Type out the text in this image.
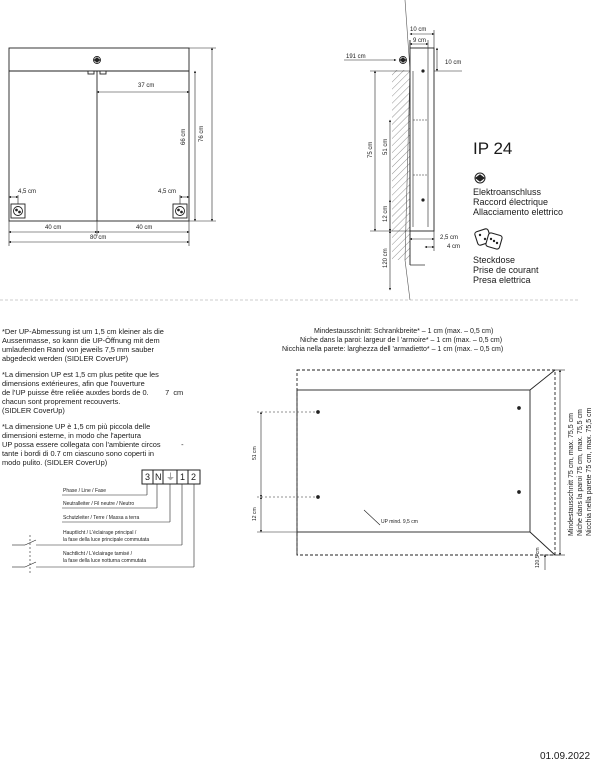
37 cm
66 cm 76 cm
4,5 cm	4,5 cm
40 cm	40 cm
80 cm
10 cm
9 cm
191 cm
10 cm
75 cm 51 cm
12 cm
120 cm
2,5 cm
4 cm
IP 24
Elektroanschluss
Raccord électrique
Allacciamento elettrico
Steckdose
Prise de courant
Presa elettrica
*Der UP-Abmessung ist um 1,5 cm kleiner als die
Aussenmasse, so kann die UP-Öffnung mit dem
umlaufenden Rand von jeweils 7,5 mm sauber
abgedeckt werden (SIDLER CoverUP)
*La dimension UP est 1,5 cm plus petite que les
dimensions extérieures, afin que l'ouverture
de l'UP puisse être reliée auxdes bords de 0.        7  cm
chacun sont proprement recouverts.
(SIDLER CoverUp)
*La dimensione UP è 1,5 cm più piccola delle
dimensioni esterne, in modo che l'apertura
UP possa essere collegata con l'ambiente circos          -
tante i bordi di 0.7 cm ciascuno sono coperti in
modo pulito. (SIDLER CoverUp)
3 N ⏚ 1 2
Phase / Line / Fase
Neutralleiter / Fil neutre / Neutro
Schutzleiter / Terre / Massa a terra
Hauptlicht / L'éclairage principal /
la fase della luce principale commutata
Nachtlicht / L'éclairage tamisé /
la fase della luce notturna commutata
Mindestausschnitt: Schrankbreite* – 1 cm (max. – 0,5 cm)
Niche dans la paroi: largeur de l 'armoire* – 1 cm (max. – 0,5 cm)
Nicchia nella parete: larghezza dell 'armadietto* – 1 cm (max. – 0,5 cm)
51 cm
12 cm
120,5 cm
UP mind. 9,5 cm	Mindestausschnitt 75 cm, max. 75,5 cm Niche dans la paroi 75 cm, max. 75,5 cm Nicchia nella parete 75 cm, max. 75,5 cm
01.09.2022
